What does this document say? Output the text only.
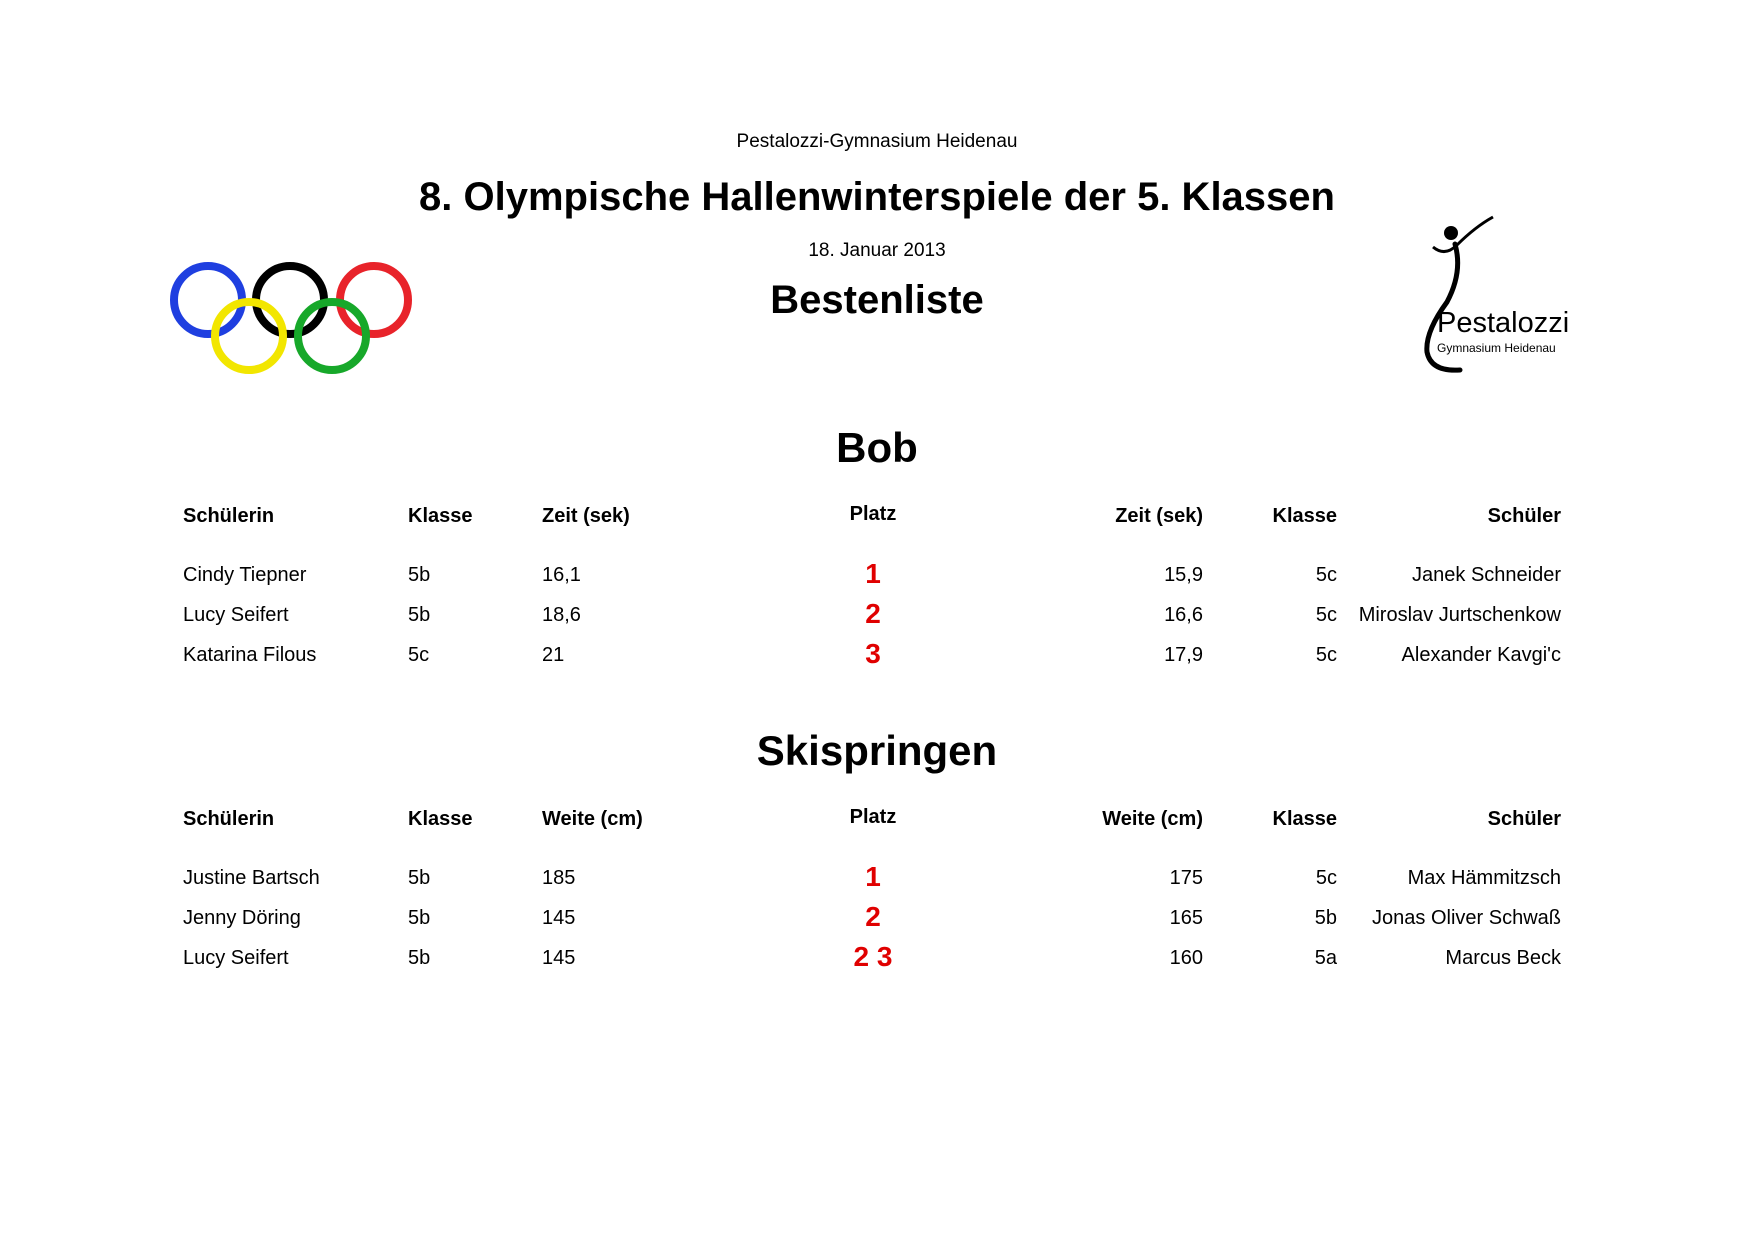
Pestalozzi-Gymnasium Heidenau
8. Olympische Hallenwinterspiele der 5. Klassen
18. Januar 2013
Bestenliste
Pestalozzi
Gymnasium Heidenau
Bob
Schülerin	Klasse	Zeit (sek)	Platz	Zeit (sek)	Klasse	Schüler
Cindy Tiepner	5b	16,1	1	15,9	5c	Janek Schneider
Lucy Seifert	5b	18,6	2	16,6	5c	Miroslav Jurtschenkow
Katarina Filous	5c	21	3	17,9	5c	Alexander Kavgi'c
Skispringen
Schülerin	Klasse	Weite (cm)	Platz	Weite (cm)	Klasse	Schüler
Justine Bartsch	5b	185	1	175	5c	Max Hämmitzsch
Jenny Döring	5b	145	2	165	5b	Jonas Oliver Schwaß
Lucy Seifert	5b	145	2 3	160	5a	Marcus Beck
